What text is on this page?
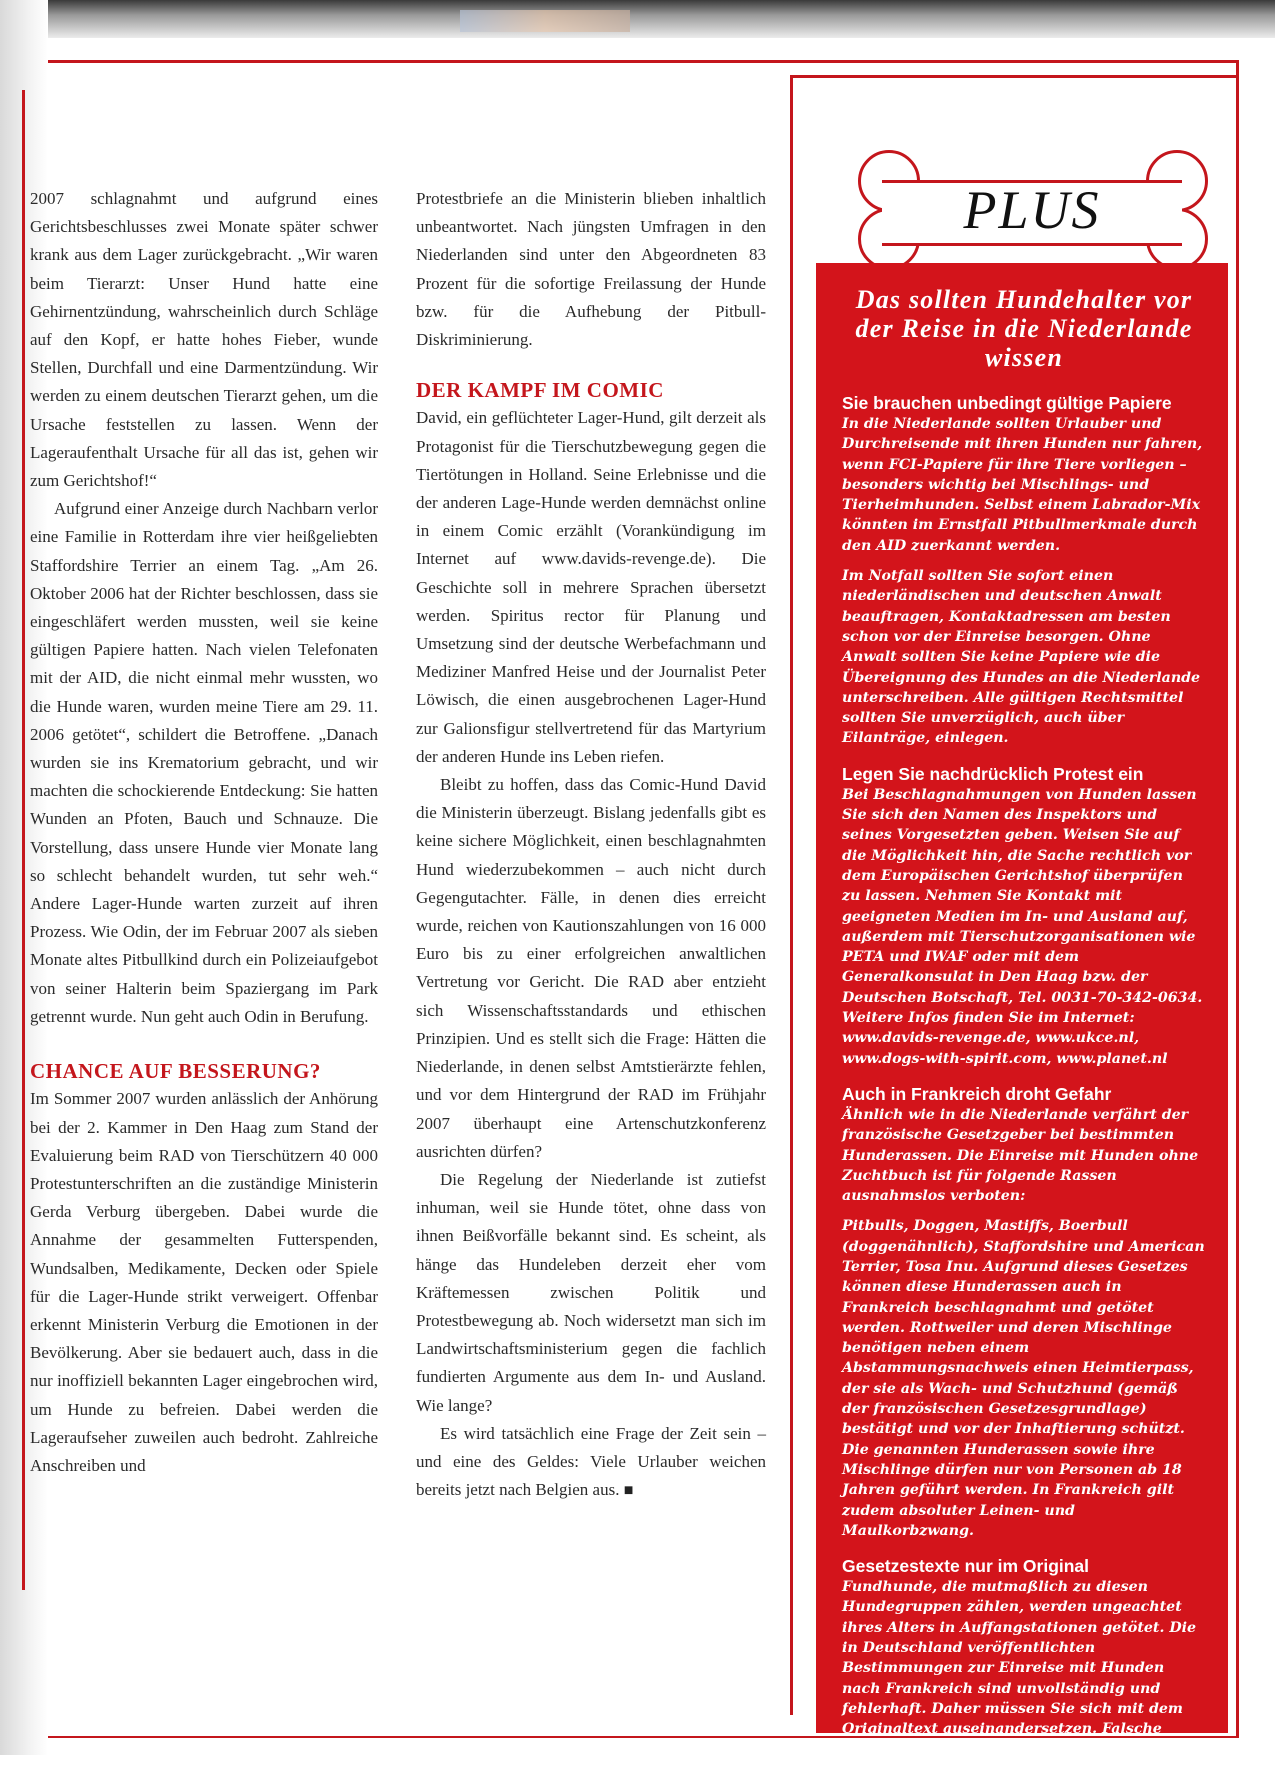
2007 schlagnahmt und aufgrund eines Gerichtsbeschlusses zwei Monate später schwer krank aus dem Lager zurückgebracht. „Wir waren beim Tierarzt: Unser Hund hatte eine Gehirnentzündung, wahrscheinlich durch Schläge auf den Kopf, er hatte hohes Fieber, wunde Stellen, Durchfall und eine Darmentzündung. Wir werden zu einem deutschen Tierarzt gehen, um die Ursache feststellen zu lassen. Wenn der Lageraufenthalt Ursache für all das ist, gehen wir zum Gerichtshof!“

Aufgrund einer Anzeige durch Nachbarn verlor eine Familie in Rotterdam ihre vier heißgeliebten Staffordshire Terrier an einem Tag. „Am 26. Oktober 2006 hat der Richter beschlossen, dass sie eingeschläfert werden mussten, weil sie keine gültigen Papiere hatten. Nach vielen Telefonaten mit der AID, die nicht einmal mehr wussten, wo die Hunde waren, wurden meine Tiere am 29. 11. 2006 getötet“, schildert die Betroffene. „Danach wurden sie ins Krematorium gebracht, und wir machten die schockierende Entdeckung: Sie hatten Wunden an Pfoten, Bauch und Schnauze. Die Vorstellung, dass unsere Hunde vier Monate lang so schlecht behandelt wurden, tut sehr weh.“ Andere Lager-Hunde warten zurzeit auf ihren Prozess. Wie Odin, der im Februar 2007 als sieben Monate altes Pitbullkind durch ein Polizeiaufgebot von seiner Halterin beim Spaziergang im Park getrennt wurde. Nun geht auch Odin in Berufung.

CHANCE AUF BESSERUNG?

Im Sommer 2007 wurden anlässlich der Anhörung bei der 2. Kammer in Den Haag zum Stand der Evaluierung beim RAD von Tierschützern 40 000 Protestunterschriften an die zuständige Ministerin Gerda Verburg übergeben. Dabei wurde die Annahme der gesammelten Futterspenden, Wundsalben, Medikamente, Decken oder Spiele für die Lager-Hunde strikt verweigert. Offenbar erkennt Ministerin Verburg die Emotionen in der Bevölkerung. Aber sie bedauert auch, dass in die nur inoffiziell bekannten Lager eingebrochen wird, um Hunde zu befreien. Dabei werden die Lageraufseher zuweilen auch bedroht. Zahlreiche Anschreiben und

Protestbriefe an die Ministerin blieben inhaltlich unbeantwortet. Nach jüngsten Umfragen in den Niederlanden sind unter den Abgeordneten 83 Prozent für die sofortige Freilassung der Hunde bzw. für die Aufhebung der Pitbull-Diskriminierung.

DER KAMPF IM COMIC

David, ein geflüchteter Lager-Hund, gilt derzeit als Protagonist für die Tierschutzbewegung gegen die Tiertötungen in Holland. Seine Erlebnisse und die der anderen Lage-Hunde werden demnächst online in einem Comic erzählt (Vorankündigung im Internet auf www.davids-revenge.de). Die Geschichte soll in mehrere Sprachen übersetzt werden. Spiritus rector für Planung und Umsetzung sind der deutsche Werbefachmann und Mediziner Manfred Heise und der Journalist Peter Löwisch, die einen ausgebrochenen Lager-Hund zur Galionsfigur stellvertretend für das Martyrium der anderen Hunde ins Leben riefen.

Bleibt zu hoffen, dass das Comic-Hund David die Ministerin überzeugt. Bislang jedenfalls gibt es keine sichere Möglichkeit, einen beschlagnahmten Hund wiederzubekommen – auch nicht durch Gegengutachter. Fälle, in denen dies erreicht wurde, reichen von Kautionszahlungen von 16 000 Euro bis zu einer erfolgreichen anwaltlichen Vertretung vor Gericht. Die RAD aber entzieht sich Wissenschaftsstandards und ethischen Prinzipien. Und es stellt sich die Frage: Hätten die Niederlande, in denen selbst Amtstierärzte fehlen, und vor dem Hintergrund der RAD im Frühjahr 2007 überhaupt eine Artenschutzkonferenz ausrichten dürfen?

Die Regelung der Niederlande ist zutiefst inhuman, weil sie Hunde tötet, ohne dass von ihnen Beißvorfälle bekannt sind. Es scheint, als hänge das Hundeleben derzeit eher vom Kräftemessen zwischen Politik und Protestbewegung ab. Noch widersetzt man sich im Landwirtschaftsministerium gegen die fachlich fundierten Argumente aus dem In- und Ausland. Wie lange?

Es wird tatsächlich eine Frage der Zeit sein – und eine des Geldes: Viele Urlauber weichen bereits jetzt nach Belgien aus. ■

PLUS
Das sollten Hundehalter vor der Reise in die Niederlande wissen
Sie brauchen unbedingt gültige Papiere

In die Niederlande sollten Urlauber und Durchreisende mit ihren Hunden nur fahren, wenn FCI-Papiere für ihre Tiere vorliegen – besonders wichtig bei Mischlings- und Tierheimhunden. Selbst einem Labrador-Mix könnten im Ernstfall Pitbullmerkmale durch den AID zuerkannt werden.

Im Notfall sollten Sie sofort einen niederländischen und deutschen Anwalt beauftragen, Kontaktadressen am besten schon vor der Einreise besorgen. Ohne Anwalt sollten Sie keine Papiere wie die Übereignung des Hundes an die Niederlande unterschreiben. Alle gültigen Rechtsmittel sollten Sie unverzüglich, auch über Eilanträge, einlegen.

Legen Sie nachdrücklich Protest ein

Bei Beschlagnahmungen von Hunden lassen Sie sich den Namen des Inspektors und seines Vorgesetzten geben. Weisen Sie auf die Möglichkeit hin, die Sache rechtlich vor dem Europäischen Gerichtshof überprüfen zu lassen. Nehmen Sie Kontakt mit geeigneten Medien im In- und Ausland auf, außerdem mit Tierschutzorganisationen wie PETA und IWAF oder mit dem Generalkonsulat in Den Haag bzw. der Deutschen Botschaft, Tel. 0031-70-342-0634. Weitere Infos finden Sie im Internet: www.davids-revenge.de, www.ukce.nl, www.dogs-with-spirit.com, www.planet.nl

Auch in Frankreich droht Gefahr

Ähnlich wie in die Niederlande verfährt der französische Gesetzgeber bei bestimmten Hunderassen. Die Einreise mit Hunden ohne Zuchtbuch ist für folgende Rassen ausnahmslos verboten:

Pitbulls, Doggen, Mastiffs, Boerbull (doggenähnlich), Staffordshire und American Terrier, Tosa Inu. Aufgrund dieses Gesetzes können diese Hunderassen auch in Frankreich beschlagnahmt und getötet werden. Rottweiler und deren Mischlinge benötigen neben einem Abstammungsnachweis einen Heimtierpass, der sie als Wach- und Schutzhund (gemäß der französischen Gesetzesgrundlage) bestätigt und vor der Inhaftierung schützt. Die genannten Hunderassen sowie ihre Mischlinge dürfen nur von Personen ab 18 Jahren geführt werden. In Frankreich gilt zudem absoluter Leinen- und Maulkorbzwang.

Gesetzestexte nur im Original

Fundhunde, die mutmaßlich zu diesen Hundegruppen zählen, werden ungeachtet ihres Alters in Auffangstationen getötet. Die in Deutschland veröffentlichten Bestimmungen zur Einreise mit Hunden nach Frankreich sind unvollständig und fehlerhaft. Daher müssen Sie sich mit dem Originaltext auseinandersetzen. Falsche Einreiseinformationen können für Ihren Hund tödlich sein!
